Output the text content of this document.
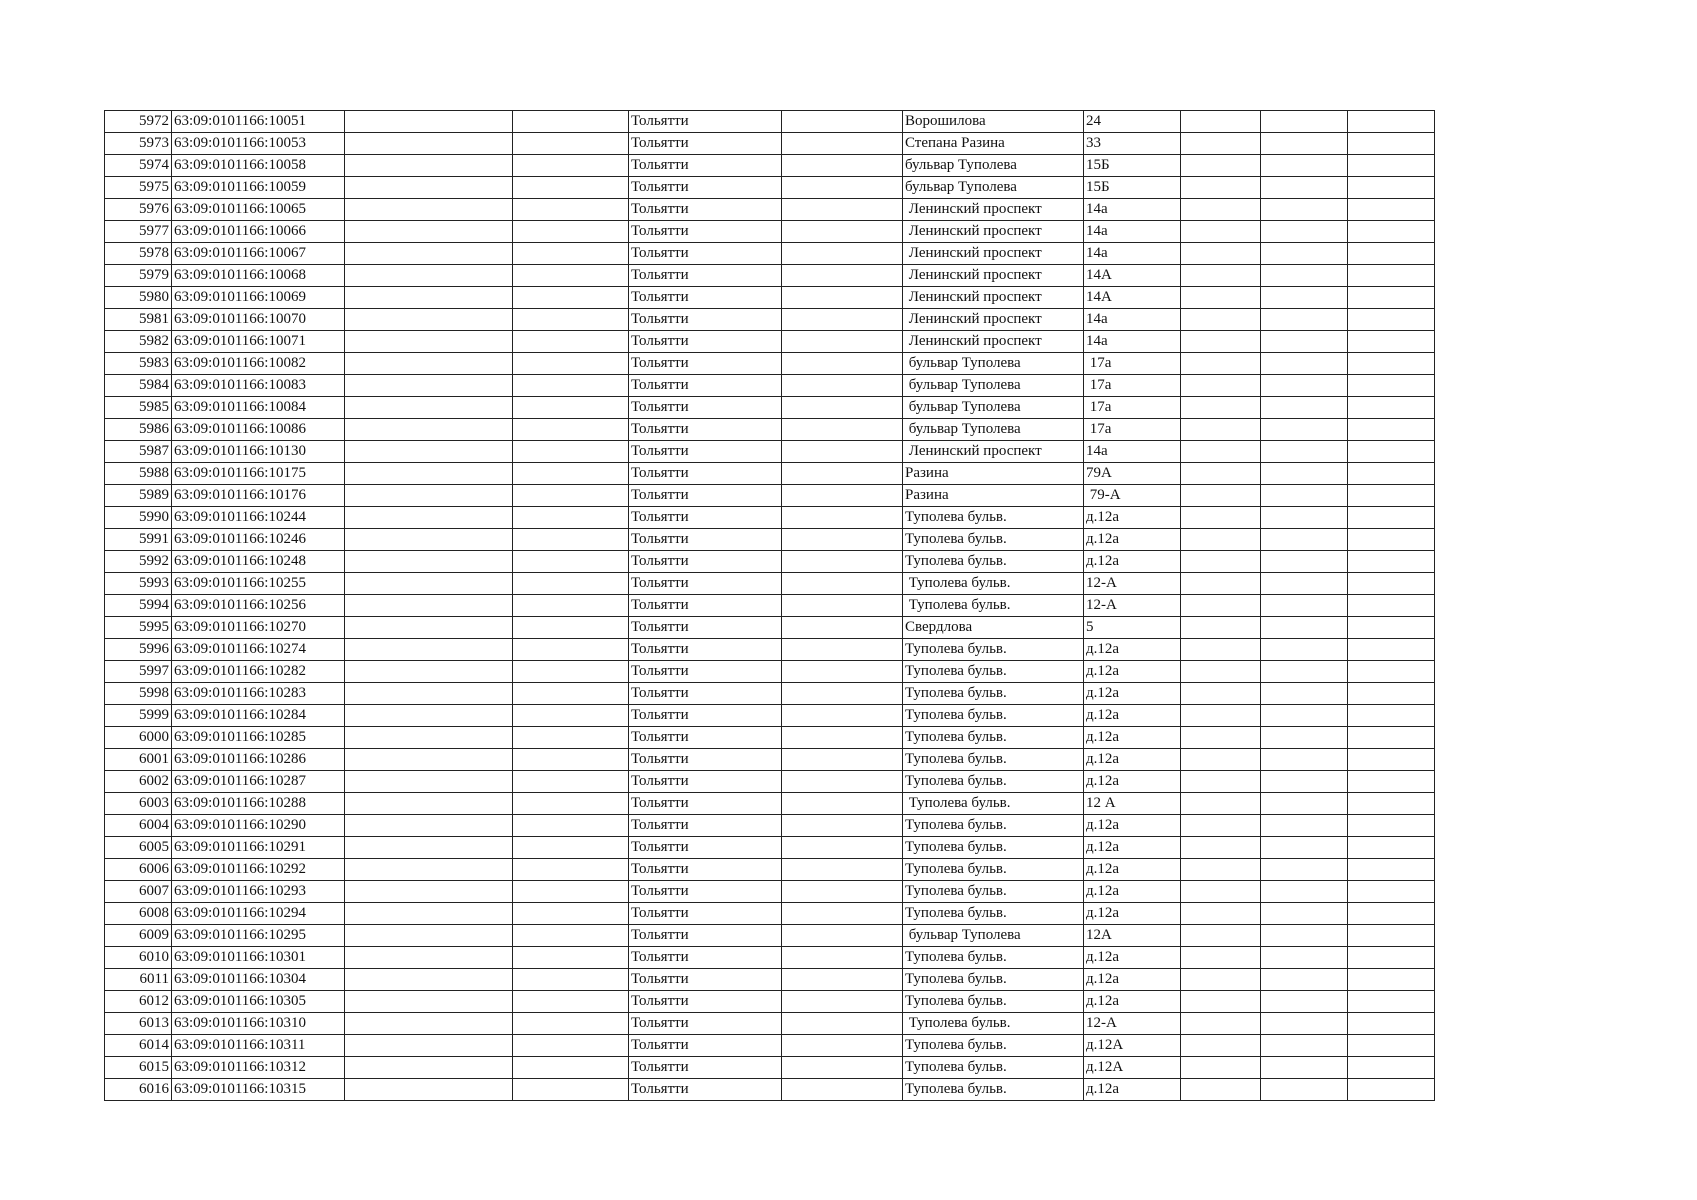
5972	63:09:0101166:10051			Тольятти		Ворошилова	24			
5973	63:09:0101166:10053			Тольятти		Степана Разина	33			
5974	63:09:0101166:10058			Тольятти		бульвар Туполева	15Б			
5975	63:09:0101166:10059			Тольятти		бульвар Туполева	15Б			
5976	63:09:0101166:10065			Тольятти		Ленинский проспект	14а			
5977	63:09:0101166:10066			Тольятти		Ленинский проспект	14а			
5978	63:09:0101166:10067			Тольятти		Ленинский проспект	14а			
5979	63:09:0101166:10068			Тольятти		Ленинский проспект	14А			
5980	63:09:0101166:10069			Тольятти		Ленинский проспект	14А			
5981	63:09:0101166:10070			Тольятти		Ленинский проспект	14а			
5982	63:09:0101166:10071			Тольятти		Ленинский проспект	14а			
5983	63:09:0101166:10082			Тольятти		бульвар Туполева	17а			
5984	63:09:0101166:10083			Тольятти		бульвар Туполева	17а			
5985	63:09:0101166:10084			Тольятти		бульвар Туполева	17а			
5986	63:09:0101166:10086			Тольятти		бульвар Туполева	17а			
5987	63:09:0101166:10130			Тольятти		Ленинский проспект	14а			
5988	63:09:0101166:10175			Тольятти		Разина	79А			
5989	63:09:0101166:10176			Тольятти		Разина	79-А			
5990	63:09:0101166:10244			Тольятти		Туполева бульв.	д.12а			
5991	63:09:0101166:10246			Тольятти		Туполева бульв.	д.12а			
5992	63:09:0101166:10248			Тольятти		Туполева бульв.	д.12а			
5993	63:09:0101166:10255			Тольятти		Туполева бульв.	12-А			
5994	63:09:0101166:10256			Тольятти		Туполева бульв.	12-А			
5995	63:09:0101166:10270			Тольятти		Свердлова	5			
5996	63:09:0101166:10274			Тольятти		Туполева бульв.	д.12а			
5997	63:09:0101166:10282			Тольятти		Туполева бульв.	д.12а			
5998	63:09:0101166:10283			Тольятти		Туполева бульв.	д.12а			
5999	63:09:0101166:10284			Тольятти		Туполева бульв.	д.12а			
6000	63:09:0101166:10285			Тольятти		Туполева бульв.	д.12а			
6001	63:09:0101166:10286			Тольятти		Туполева бульв.	д.12а			
6002	63:09:0101166:10287			Тольятти		Туполева бульв.	д.12а			
6003	63:09:0101166:10288			Тольятти		Туполева бульв.	12 А			
6004	63:09:0101166:10290			Тольятти		Туполева бульв.	д.12а			
6005	63:09:0101166:10291			Тольятти		Туполева бульв.	д.12а			
6006	63:09:0101166:10292			Тольятти		Туполева бульв.	д.12а			
6007	63:09:0101166:10293			Тольятти		Туполева бульв.	д.12а			
6008	63:09:0101166:10294			Тольятти		Туполева бульв.	д.12а			
6009	63:09:0101166:10295			Тольятти		бульвар Туполева	12А			
6010	63:09:0101166:10301			Тольятти		Туполева бульв.	д.12а			
6011	63:09:0101166:10304			Тольятти		Туполева бульв.	д.12а			
6012	63:09:0101166:10305			Тольятти		Туполева бульв.	д.12а			
6013	63:09:0101166:10310			Тольятти		Туполева бульв.	12-А			
6014	63:09:0101166:10311			Тольятти		Туполева бульв.	д.12А			
6015	63:09:0101166:10312			Тольятти		Туполева бульв.	д.12А			
6016	63:09:0101166:10315			Тольятти		Туполева бульв.	д.12а			
